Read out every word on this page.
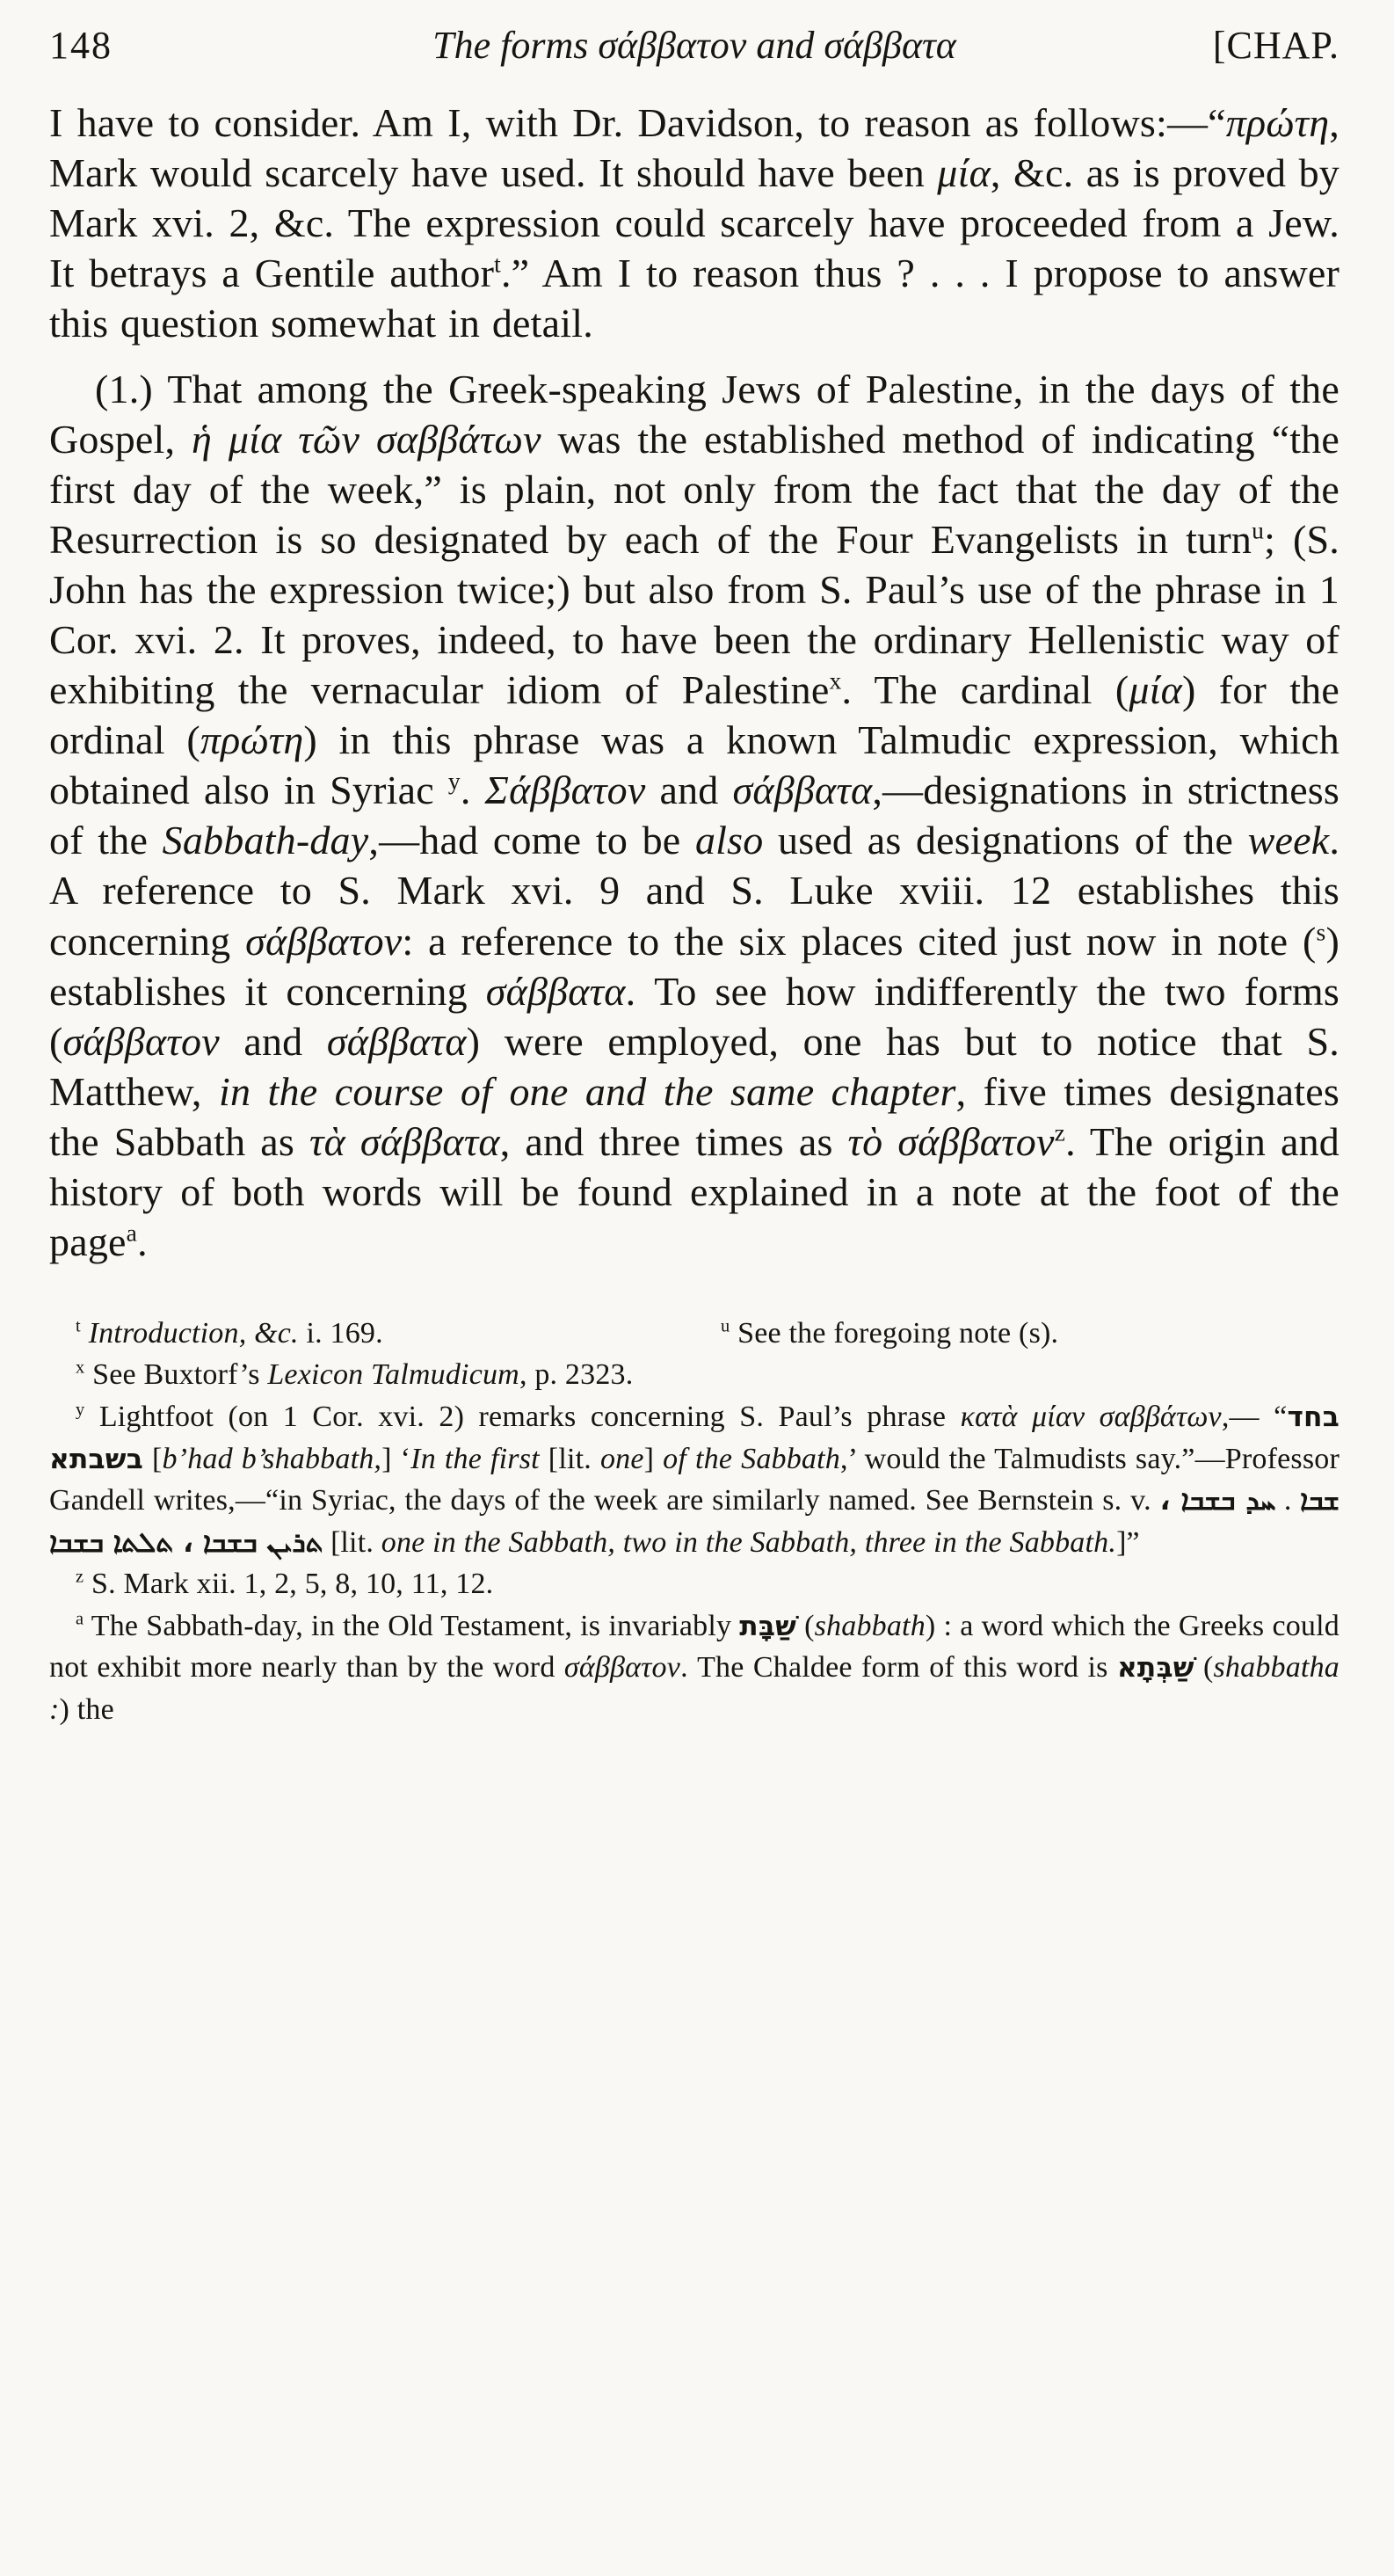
148	The forms σάββατον and σάββατα	[CHAP.

I have to consider. Am I, with Dr. Davidson, to reason as follows:—“πρώτη, Mark would scarcely have used. It should have been μία, &c. as is proved by Mark xvi. 2, &c. The expression could scarcely have proceeded from a Jew. It betrays a Gentile author$^t$.” Am I to reason thus ? . . . I propose to answer this question somewhat in detail.

(1.) That among the Greek-speaking Jews of Palestine, in the days of the Gospel, ἡ μία τῶν σαββάτων was the established method of indicating “the first day of the week,” is plain, not only from the fact that the day of the Resurrection is so designated by each of the Four Evangelists in turn$^u$; (S. John has the expression twice;) but also from S. Paul’s use of the phrase in 1 Cor. xvi. 2. It proves, indeed, to have been the ordinary Hellenistic way of exhibiting the vernacular idiom of Palestine$^x$. The cardinal (μία) for the ordinal (πρώτη) in this phrase was a known Talmudic expression, which obtained also in Syriac $^y$. Σάββατον and σάββατα,—designations in strictness of the Sabbath-day,—had come to be also used as designations of the week. A reference to S. Mark xvi. 9 and S. Luke xviii. 12 establishes this concerning σάββατον: a reference to the six places cited just now in note ($^s$) establishes it concerning σάββατα. To see how indifferently the two forms (σάββατον and σάββατα) were employed, one has but to notice that S. Matthew, in the course of one and the same chapter, five times designates the Sabbath as τὰ σάββατα, and three times as τὸ σάββατον$^z$. The origin and history of both words will be found explained in a note at the foot of the page$^a$.

$^t$ Introduction, &c. i. 169.	$^u$ See the foregoing note (s).

$^x$ See Buxtorf’s Lexicon Talmudicum, p. 2323.

$^y$ Lightfoot (on 1 Cor. xvi. 2) remarks concerning S. Paul’s phrase κατὰ μίαν σαββάτων,— “בחד בשבתא [b’had b’shabbath,] ‘In the first [lit. one] of the Sabbath,’ would the Talmudists say.”—Professor Gandell writes,—“in Syriac, the days of the week are similarly named. See Bernstein s. v.	ܫܒܐ . ܚܕ ܒܫܒܐ ، ܬܪܝܢ ܒܫܒܐ ، ܬܠܬܐ ܒܫܒܐ [lit. one in the Sabbath, two in the Sabbath, three in the Sabbath.]”

$^z$ S. Mark xii. 1, 2, 5, 8, 10, 11, 12.

$^a$ The Sabbath-day, in the Old Testament, is invariably שַׁבָּת (shabbath) : a word which the Greeks could not exhibit more nearly than by the word σάββατον. The Chaldee form of this word is שַׁבְּתָא (shabbatha :) the
